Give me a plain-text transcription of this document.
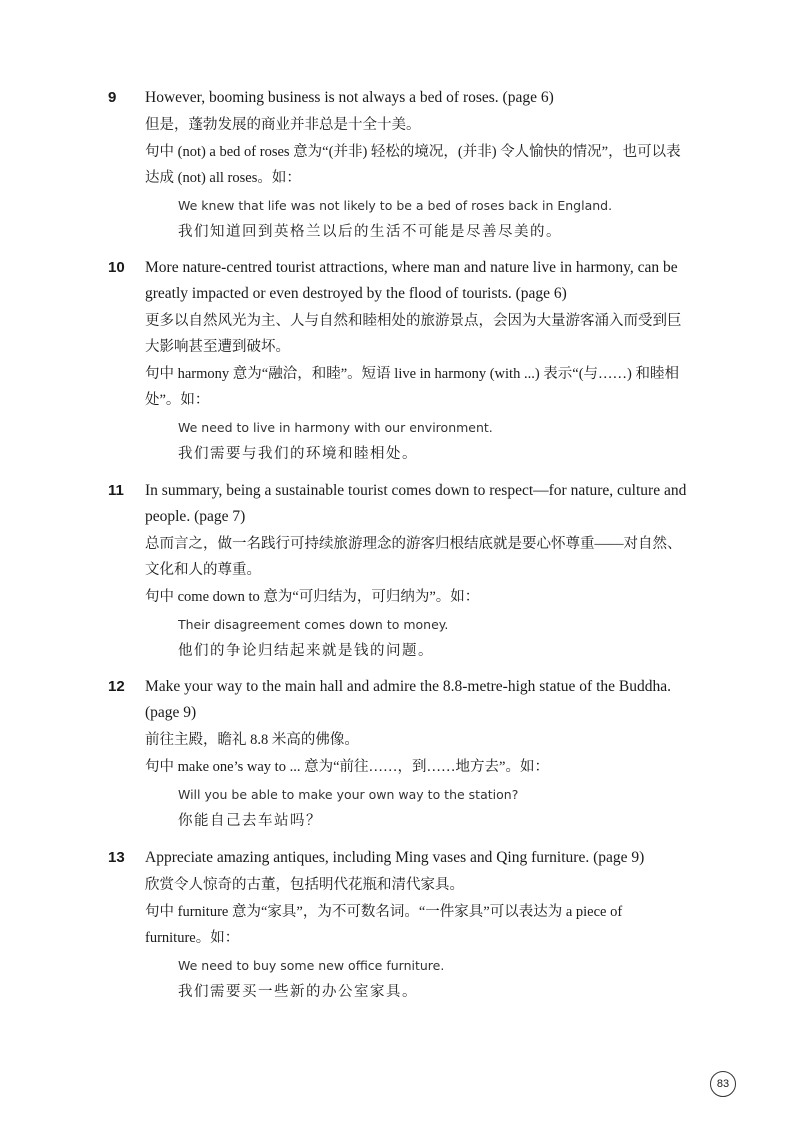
9	However, booming business is not always a bed of roses. (page 6)
但是，蓬勃发展的商业并非总是十全十美。
句中 (not) a bed of roses 意为“(并非) 轻松的境况，(并非) 令人愉快的情况”，也可以表达成 (not) all roses。如：
We knew that life was not likely to be a bed of roses back in England.
我们知道回到英格兰以后的生活不可能是尽善尽美的。
10	More nature-centred tourist attractions, where man and nature live in harmony, can be greatly impacted or even destroyed by the flood of tourists. (page 6)
更多以自然风光为主、人与自然和睦相处的旅游景点，会因为大量游客涌入而受到巨大影响甚至遭到破坏。
句中 harmony 意为“融洽，和睦”。短语 live in harmony (with ...) 表示“(与……) 和睦相处”。如：
We need to live in harmony with our environment.
我们需要与我们的环境和睦相处。
11	In summary, being a sustainable tourist comes down to respect—for nature, culture and people. (page 7)
总而言之，做一名践行可持续旅游理念的游客归根结底就是要心怀尊重——对自然、文化和人的尊重。
句中 come down to 意为“可归结为，可归纳为”。如：
Their disagreement comes down to money.
他们的争论归结起来就是钱的问题。
12	Make your way to the main hall and admire the 8.8-metre-high statue of the Buddha. (page 9)
前往主殿，瞻礼 8.8 米高的佛像。
句中 make one’s way to ... 意为“前往……，到……地方去”。如：
Will you be able to make your own way to the station?
你能自己去车站吗？
13	Appreciate amazing antiques, including Ming vases and Qing furniture. (page 9)
欣赏令人惊奇的古董，包括明代花瓶和清代家具。
句中 furniture 意为“家具”，为不可数名词。“一件家具”可以表达为 a piece of furniture。如：
We need to buy some new office furniture.
我们需要买一些新的办公室家具。
83
